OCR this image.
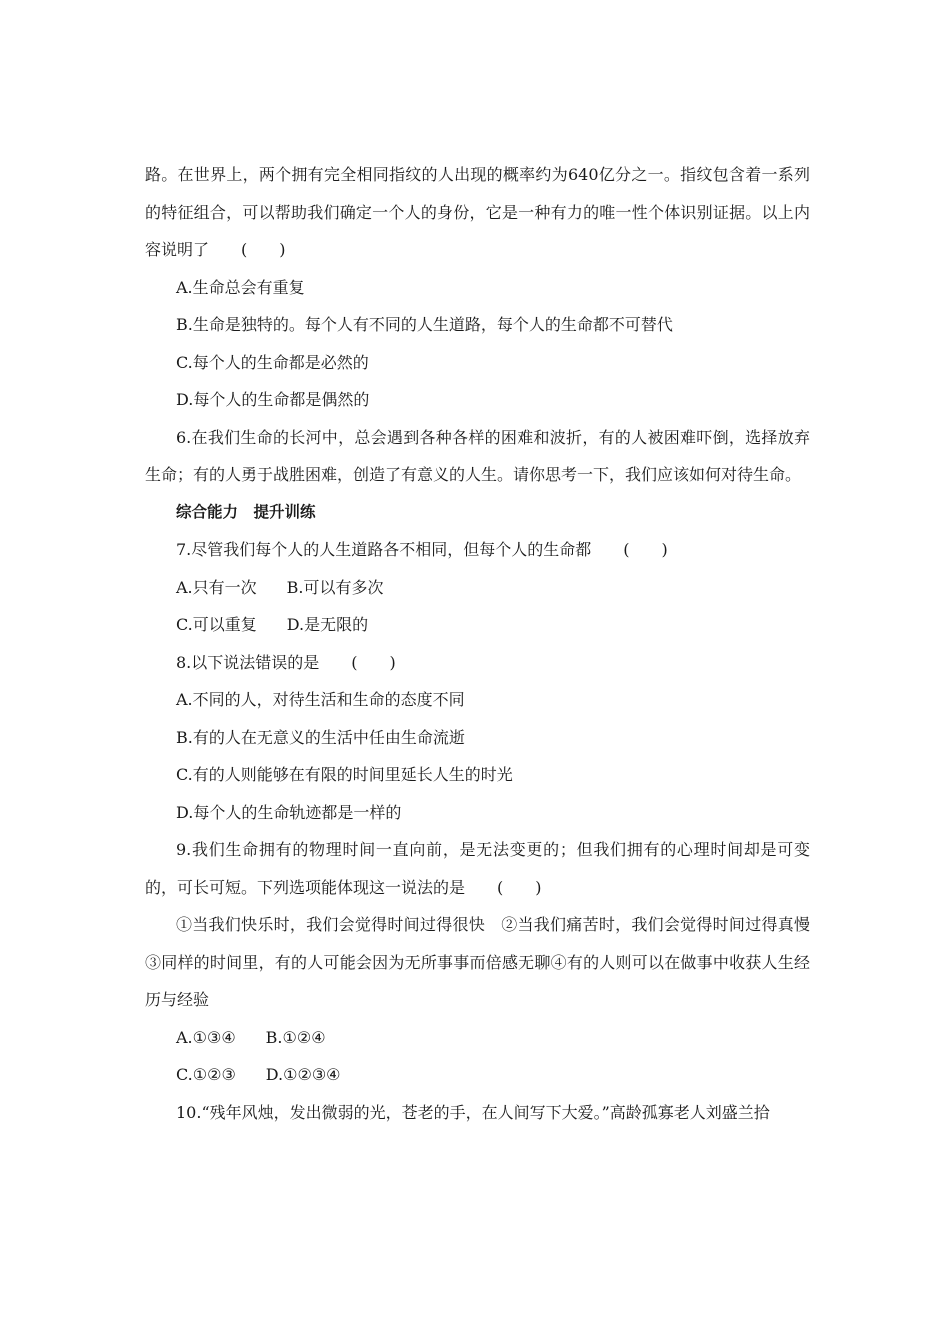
路。在世界上，两个拥有完全相同指纹的人出现的概率约为640亿分之一。指纹包含着一系列的特征组合，可以帮助我们确定一个人的身份，它是一种有力的唯一性个体识别证据。以上内容说明了　　(　　)

A.生命总会有重复

B.生命是独特的。每个人有不同的人生道路，每个人的生命都不可替代

C.每个人的生命都是必然的

D.每个人的生命都是偶然的

6.在我们生命的长河中，总会遇到各种各样的困难和波折，有的人被困难吓倒，选择放弃生命；有的人勇于战胜困难，创造了有意义的人生。请你思考一下，我们应该如何对待生命。

综合能力　提升训练

7.尽管我们每个人的人生道路各不相同，但每个人的生命都　　(　　)

A.只有一次 B.可以有多次

C.可以重复 D.是无限的

8.以下说法错误的是　　(　　)

A.不同的人，对待生活和生命的态度不同

B.有的人在无意义的生活中任由生命流逝

C.有的人则能够在有限的时间里延长人生的时光

D.每个人的生命轨迹都是一样的

9.我们生命拥有的物理时间一直向前，是无法变更的；但我们拥有的心理时间却是可变的，可长可短。下列选项能体现这一说法的是　　(　　)

①当我们快乐时，我们会觉得时间过得很快　②当我们痛苦时，我们会觉得时间过得真慢　③同样的时间里，有的人可能会因为无所事事而倍感无聊④有的人则可以在做事中收获人生经历与经验

A.①③④ B.①②④

C.①②③ D.①②③④

10.“残年风烛，发出微弱的光，苍老的手，在人间写下大爱。”高龄孤寡老人刘盛兰拾
